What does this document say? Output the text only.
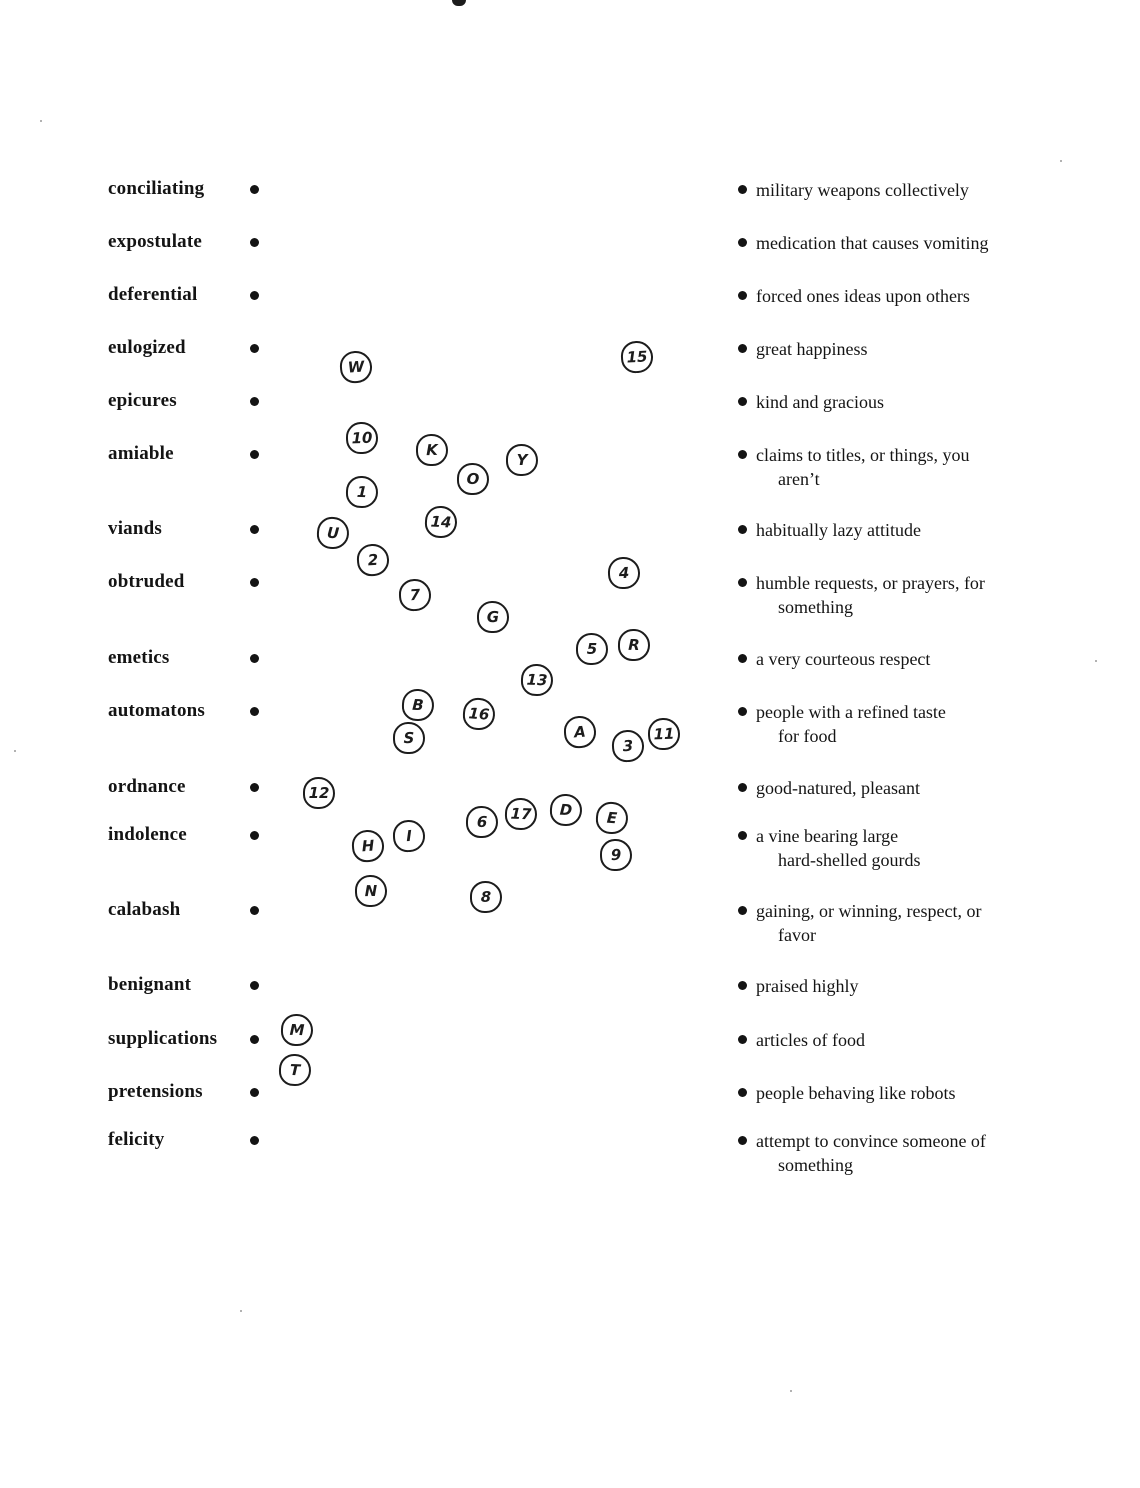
conciliating	military weapons collectively
expostulate	medication that causes vomiting
deferential	forced ones ideas upon others
eulogized	great happiness
epicures	kind and gracious
amiable	claims to titles, or things, you
aren’t
viands	habitually lazy attitude
obtruded	humble requests, or prayers, for
something
emetics	a very courteous respect
automatons	people with a refined taste
for food
ordnance	good-natured, pleasant
indolence	a vine bearing large
hard-shelled gourds
calabash	gaining, or winning, respect, or
favor
benignant	praised highly
supplications	articles of food
pretensions	people behaving like robots
felicity	attempt to convince someone of
something
W
15
10
K
Y
O
1
14
U
2
7
4
G
5	R
13
B	16
A
3
11
S
12
6	17	D	E
H
I
9
N	8
M
T
